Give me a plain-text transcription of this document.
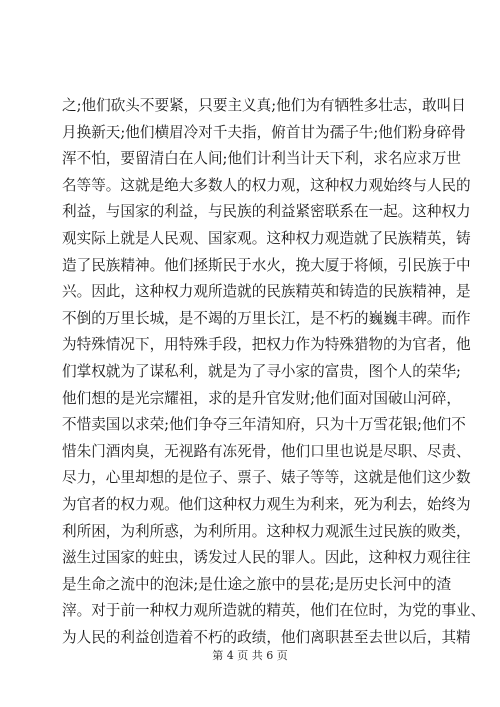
之;他们砍头不要紧，只要主义真;他们为有牺牲多壮志，敢叫日
月换新天;他们横眉冷对千夫指，俯首甘为孺子牛;他们粉身碎骨
浑不怕，要留清白在人间;他们计利当计天下利，求名应求万世
名等等。这就是绝大多数人的权力观，这种权力观始终与人民的
利益，与国家的利益，与民族的利益紧密联系在一起。这种权力
观实际上就是人民观、国家观。这种权力观造就了民族精英，铸
造了民族精神。他们拯斯民于水火，挽大厦于将倾，引民族于中
兴。因此，这种权力观所造就的民族精英和铸造的民族精神，是
不倒的万里长城，是不竭的万里长江，是不朽的巍巍丰碑。而作
为特殊情况下，用特殊手段，把权力作为特殊猎物的为官者，他
们掌权就为了谋私利，就是为了寻小家的富贵，图个人的荣华;
他们想的是光宗耀祖，求的是升官发财;他们面对国破山河碎，
不惜卖国以求荣;他们争夺三年清知府，只为十万雪花银;他们不
惜朱门酒肉臭，无视路有冻死骨，他们口里也说是尽职、尽责、
尽力，心里却想的是位子、票子、婊子等等，这就是他们这少数
为官者的权力观。他们这种权力观生为利来，死为利去，始终为
利所困，为利所惑，为利所用。这种权力观派生过民族的败类，
滋生过国家的蛀虫，诱发过人民的罪人。因此，这种权力观往往
是生命之流中的泡沫;是仕途之旅中的昙花;是历史长河中的渣
滓。对于前一种权力观所造就的精英，他们在位时，为党的事业、
为人民的利益创造着不朽的政绩，他们离职甚至去世以后，其精
第 4 页 共 6 页
